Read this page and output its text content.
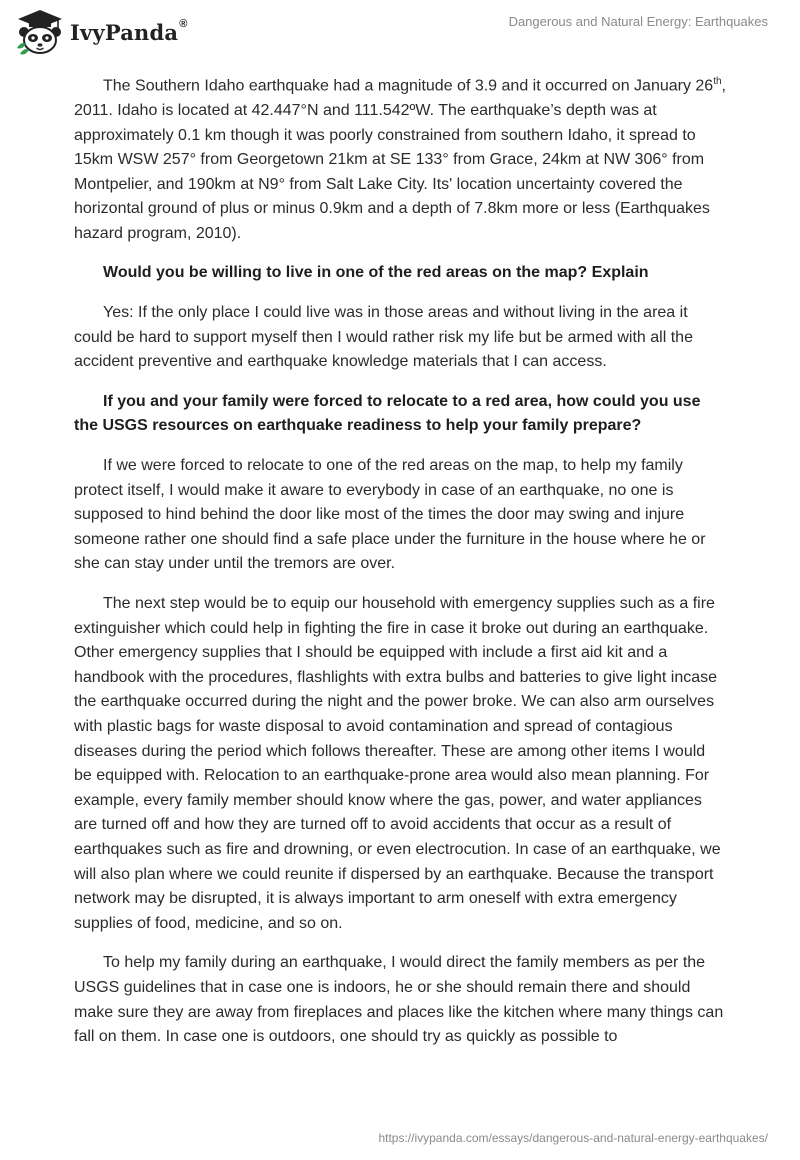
IvyPanda®	Dangerous and Natural Energy: Earthquakes

The Southern Idaho earthquake had a magnitude of 3.9 and it occurred on January 26th, 2011. Idaho is located at 42.447°N and 111.542ºW. The earthquake’s depth was at approximately 0.1 km though it was poorly constrained from southern Idaho, it spread to 15km WSW 257° from Georgetown 21km at SE 133° from Grace, 24km at NW 306° from Montpelier, and 190km at N9° from Salt Lake City. Its' location uncertainty covered the horizontal ground of plus or minus 0.9km and a depth of 7.8km more or less (Earthquakes hazard program, 2010).

Would you be willing to live in one of the red areas on the map? Explain

Yes: If the only place I could live was in those areas and without living in the area it could be hard to support myself then I would rather risk my life but be armed with all the accident preventive and earthquake knowledge materials that I can access.

If you and your family were forced to relocate to a red area, how could you use the USGS resources on earthquake readiness to help your family prepare?

If we were forced to relocate to one of the red areas on the map, to help my family protect itself, I would make it aware to everybody in case of an earthquake, no one is supposed to hind behind the door like most of the times the door may swing and injure someone rather one should find a safe place under the furniture in the house where he or she can stay under until the tremors are over.

The next step would be to equip our household with emergency supplies such as a fire extinguisher which could help in fighting the fire in case it broke out during an earthquake. Other emergency supplies that I should be equipped with include a first aid kit and a handbook with the procedures, flashlights with extra bulbs and batteries to give light incase the earthquake occurred during the night and the power broke. We can also arm ourselves with plastic bags for waste disposal to avoid contamination and spread of contagious diseases during the period which follows thereafter. These are among other items I would be equipped with. Relocation to an earthquake-prone area would also mean planning. For example, every family member should know where the gas, power, and water appliances are turned off and how they are turned off to avoid accidents that occur as a result of earthquakes such as fire and drowning, or even electrocution. In case of an earthquake, we will also plan where we could reunite if dispersed by an earthquake. Because the transport network may be disrupted, it is always important to arm oneself with extra emergency supplies of food, medicine, and so on.

To help my family during an earthquake, I would direct the family members as per the USGS guidelines that in case one is indoors, he or she should remain there and should make sure they are away from fireplaces and places like the kitchen where many things can fall on them. In case one is outdoors, one should try as quickly as possible to

https://ivypanda.com/essays/dangerous-and-natural-energy-earthquakes/
